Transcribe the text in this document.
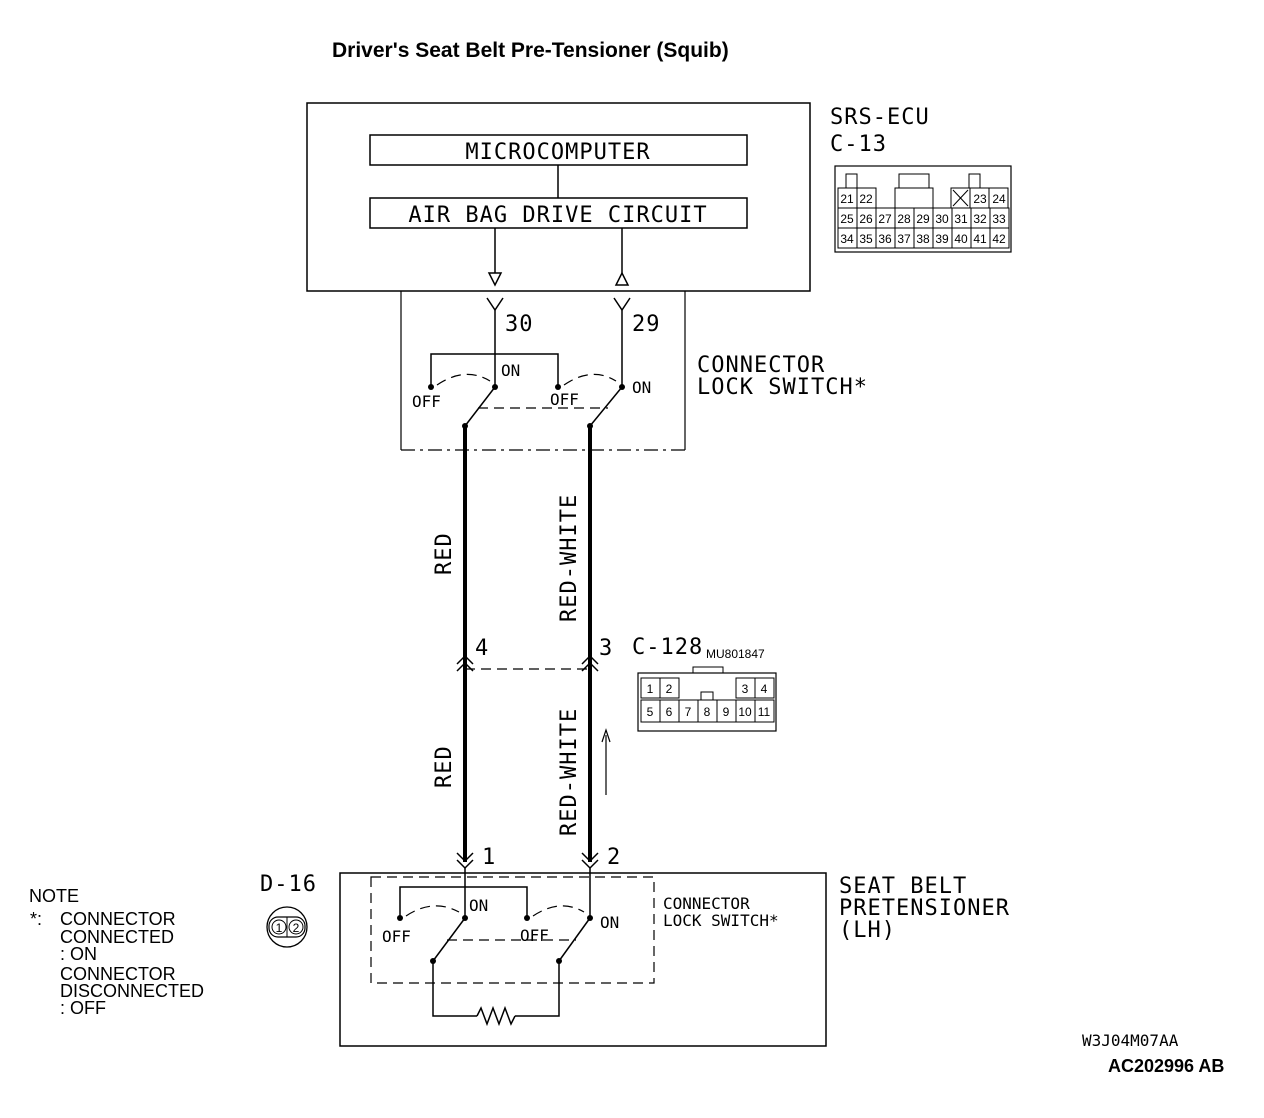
Driver's Seat Belt Pre-Tensioner (Squib)
MICROCOMPUTER
AIR BAG DRIVE CIRCUIT
SRS-ECU
C-13
21 22	23 24
25 26 27 28 29 30 31 32 33
34 35 36 37 38 39 40 41 42
30	29
ON
OFF	OFF
ON
CONNECTOR
LOCK SWITCH*
RED	RED-WHITE
RED	RED-WHITE
4	3
1	2
C-128 MU801847
1 2	3 4
5 6 7 8 9 10 11
ON
OFF	OFF
ON
CONNECTOR
LOCK SWITCH*
SEAT BELT
PRETENSIONER
(LH)
D-16
1 2
NOTE
*: CONNECTOR
CONNECTED
: ON
CONNECTOR
DISCONNECTED
: OFF
W3J04M07AA
AC202996 AB
